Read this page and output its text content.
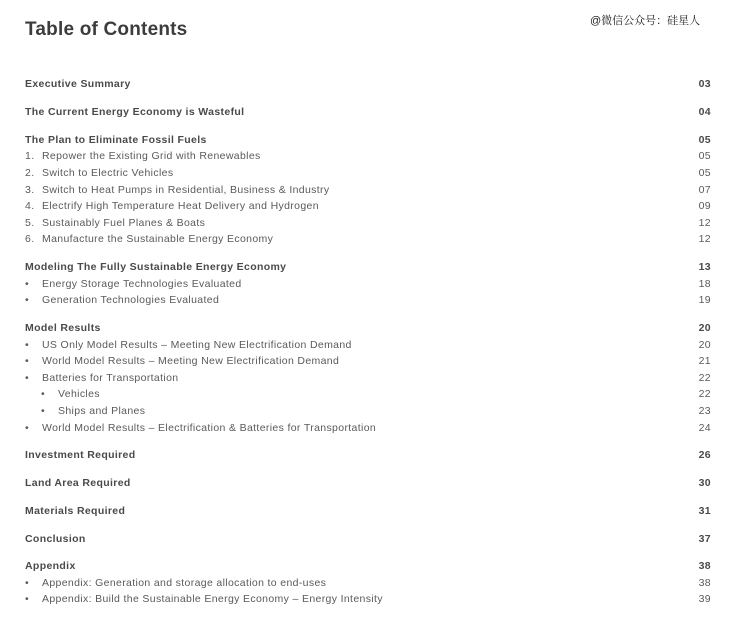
Table of Contents	@微信公众号：硅星人
Executive Summary	03
The Current Energy Economy is Wasteful	04
The Plan to Eliminate Fossil Fuels	05
1. Repower the Existing Grid with Renewables	05
2. Switch to Electric Vehicles	05
3. Switch to Heat Pumps in Residential, Business & Industry	07
4. Electrify High Temperature Heat Delivery and Hydrogen	09
5. Sustainably Fuel Planes & Boats	12
6. Manufacture the Sustainable Energy Economy	12
Modeling The Fully Sustainable Energy Economy	13
• Energy Storage Technologies Evaluated	18
• Generation Technologies Evaluated	19
Model Results	20
• US Only Model Results – Meeting New Electrification Demand	20
• World Model Results – Meeting New Electrification Demand	21
• Batteries for Transportation	22
• Vehicles	22
• Ships and Planes	23
• World Model Results – Electrification & Batteries for Transportation	24
Investment Required	26
Land Area Required	30
Materials Required	31
Conclusion	37
Appendix	38
• Appendix: Generation and storage allocation to end-uses	38
• Appendix: Build the Sustainable Energy Economy – Energy Intensity	39
